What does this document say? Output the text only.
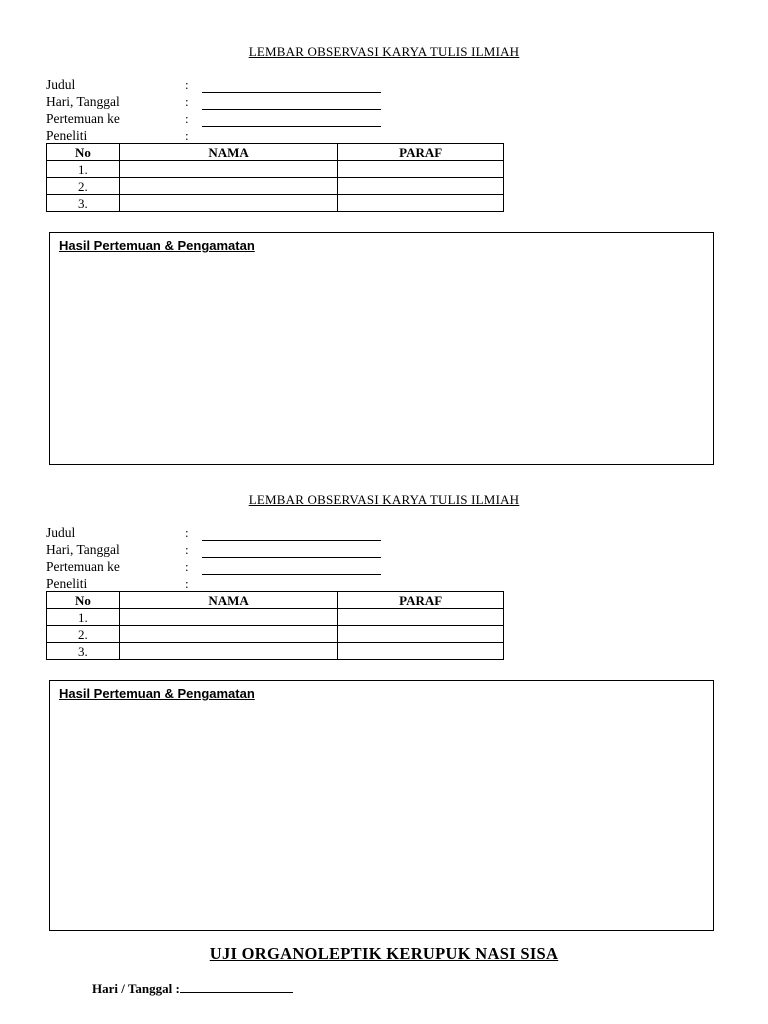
LEMBAR OBSERVASI KARYA TULIS ILMIAH
Judul	:
Hari, Tanggal	:
Pertemuan ke	:
Peneliti	:
No	NAMA	PARAF
1.		
2.		
3.		
Hasil Pertemuan & Pengamatan
LEMBAR OBSERVASI KARYA TULIS ILMIAH
Judul	:
Hari, Tanggal	:
Pertemuan ke	:
Peneliti	:
No	NAMA	PARAF
1.		
2.		
3.		
Hasil Pertemuan & Pengamatan
UJI ORGANOLEPTIK KERUPUK NASI SISA
Hari / Tanggal :
